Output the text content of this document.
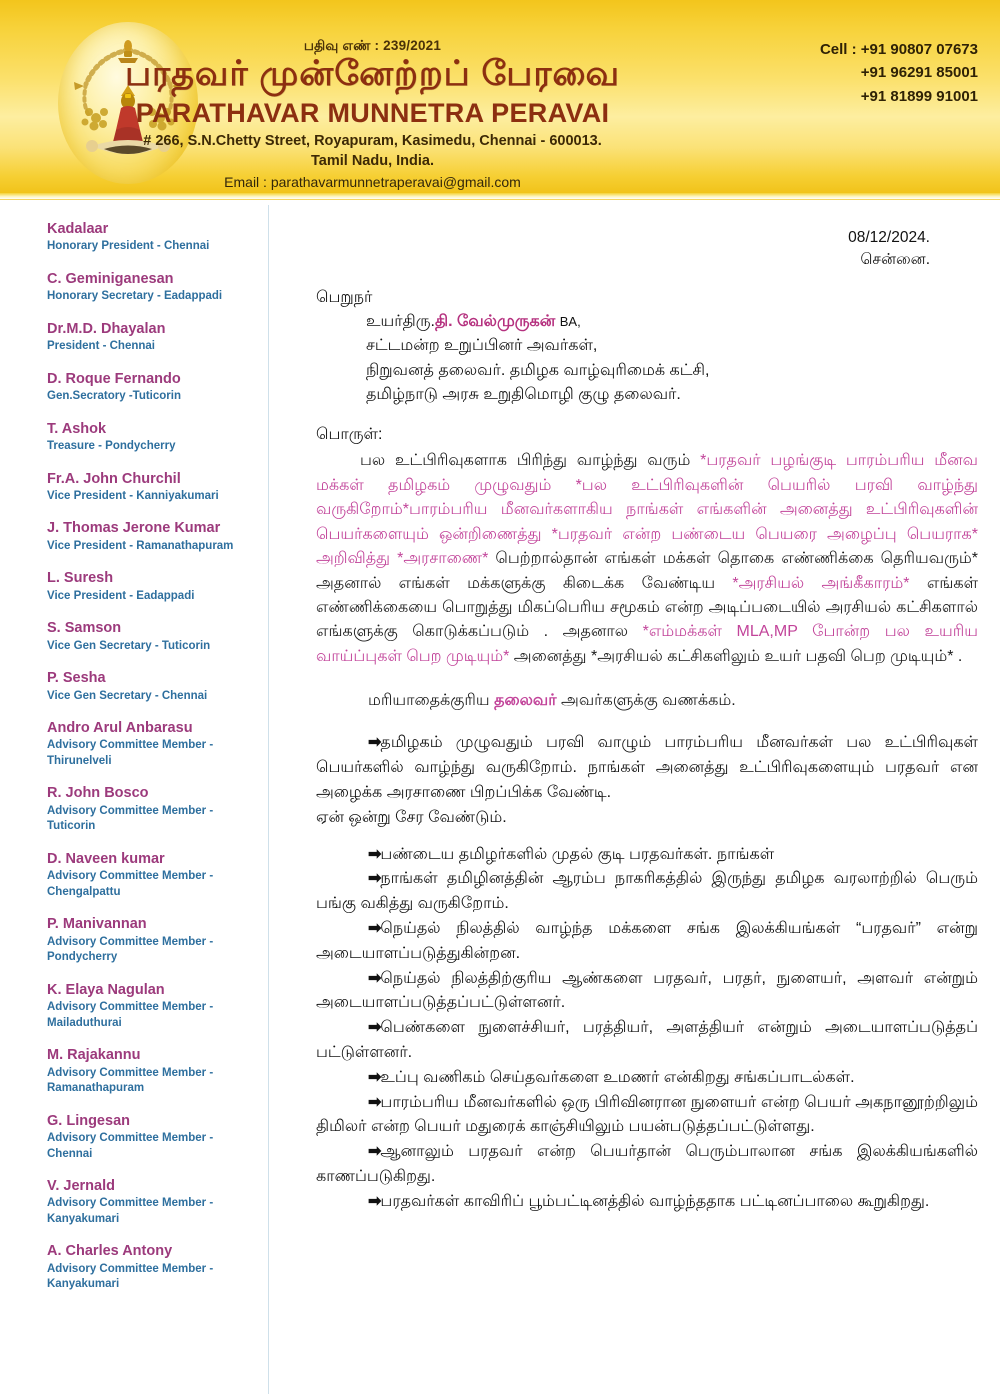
பதிவு எண் : 239/2021
பரதவர் முன்னேற்றப் பேரவை
PARATHAVAR MUNNETRA PERAVAI
# 266, S.N.Chetty Street, Royapuram, Kasimedu, Chennai - 600013.
Tamil Nadu, India.
Email : parathavarmunnetraperavai@gmail.com
Cell : +91 90807 07673
+91 96291 85001
+91 81899 91001
Kadalaar
Honorary President - Chennai
C. Geminiganesan
Honorary Secretary - Eadappadi
Dr.M.D. Dhayalan
President - Chennai
D. Roque Fernando
Gen.Secratory -Tuticorin
T. Ashok
Treasure - Pondycherry
Fr.A. John Churchil
Vice President - Kanniyakumari
J. Thomas Jerone Kumar
Vice President - Ramanathapuram
L. Suresh
Vice President - Eadappadi
S. Samson
Vice Gen Secretary - Tuticorin
P. Sesha
Vice Gen Secretary - Chennai
Andro Arul Anbarasu
Advisory Committee Member - Thirunelveli
R. John Bosco
Advisory Committee Member - Tuticorin
D. Naveen kumar
Advisory Committee Member - Chengalpattu
P. Manivannan
Advisory Committee Member - Pondycherry
K. Elaya Nagulan
Advisory Committee Member - Mailaduthurai
M. Rajakannu
Advisory Committee Member - Ramanathapuram
G. Lingesan
Advisory Committee Member - Chennai
V. Jernald
Advisory Committee Member - Kanyakumari
A. Charles Antony
Advisory Committee Member - Kanyakumari
08/12/2024.
சென்னை.
பெறுநர்
உயர்திரு.தி. வேல்முருகன் BA,
சட்டமன்ற உறுப்பினர் அவர்கள்,
நிறுவனத் தலைவர். தமிழக வாழ்வுரிமைக் கட்சி,
தமிழ்நாடு அரசு உறுதிமொழி குழு தலைவர்.
பொருள்:
பல உட்பிரிவுகளாக பிரிந்து வாழ்ந்து வரும் *பரதவர் பழங்குடி பாரம்பரிய மீனவ மக்கள் தமிழகம் முழுவதும் *பல உட்பிரிவுகளின் பெயரில் பரவி வாழ்ந்து வருகிறோம்*பாரம்பரிய மீனவர்களாகிய நாங்கள் எங்களின் அனைத்து உட்பிரிவுகளின் பெயர்களையும் ஒன்றிணைத்து *பரதவர் என்ற பண்டைய பெயரை அழைப்பு பெயராக* அறிவித்து *அரசாணை* பெற்றால்தான் எங்கள் மக்கள் தொகை எண்ணிக்கை தெரியவரும்* அதனால் எங்கள் மக்களுக்கு கிடைக்க வேண்டிய *அரசியல் அங்கீகாரம்* எங்கள் எண்ணிக்கையை பொறுத்து மிகப்பெரிய சமூகம் என்ற அடிப்படையில் அரசியல் கட்சிகளால் எங்களுக்கு கொடுக்கப்படும் . அதனால *எம்மக்கள் MLA,MP போன்ற பல உயரிய வாய்ப்புகள் பெற முடியும்* அனைத்து *அரசியல் கட்சிகளிலும் உயர் பதவி பெற முடியும்* .
மரியாதைக்குரிய தலைவர் அவர்களுக்கு வணக்கம்.
➡தமிழகம் முழுவதும் பரவி வாழும் பாரம்பரிய மீனவர்கள் பல உட்பிரிவுகள் பெயர்களில் வாழ்ந்து வருகிறோம். நாங்கள் அனைத்து உட்பிரிவுகளையும் பரதவர் என அழைக்க அரசாணை பிறப்பிக்க வேண்டி.
ஏன் ஒன்று சேர வேண்டும்.
➡பண்டைய தமிழர்களில் முதல் குடி பரதவர்கள். நாங்கள்
➡நாங்கள் தமிழினத்தின் ஆரம்ப நாகரிகத்தில் இருந்து தமிழக வரலாற்றில் பெரும் பங்கு வகித்து வருகிறோம்.
➡நெய்தல் நிலத்தில் வாழ்ந்த மக்களை சங்க இலக்கியங்கள் “பரதவர்” என்று அடையாளப்படுத்துகின்றன.
➡நெய்தல் நிலத்திற்குரிய ஆண்களை பரதவர், பரதர், நுளையர், அளவர் என்றும் அடையாளப்படுத்தப்பட்டுள்ளனர்.
➡பெண்களை நுளைச்சியர், பரத்தியர், அளத்தியர் என்றும் அடையாளப்படுத்தப் பட்டுள்ளனர்.
➡உப்பு வணிகம் செய்தவர்களை உமணர் என்கிறது சங்கப்பாடல்கள்.
➡பாரம்பரிய மீனவர்களில் ஒரு பிரிவினரான நுளையர் என்ற பெயர் அகநானூற்றிலும் திமிலர் என்ற பெயர் மதுரைக் காஞ்சியிலும் பயன்படுத்தப்பட்டுள்ளது.
➡ஆனாலும் பரதவர் என்ற பெயர்தான் பெரும்பாலான சங்க இலக்கியங்களில் காணப்படுகிறது.
➡பரதவர்கள் காவிரிப் பூம்பட்டினத்தில் வாழ்ந்ததாக பட்டினப்பாலை கூறுகிறது.
